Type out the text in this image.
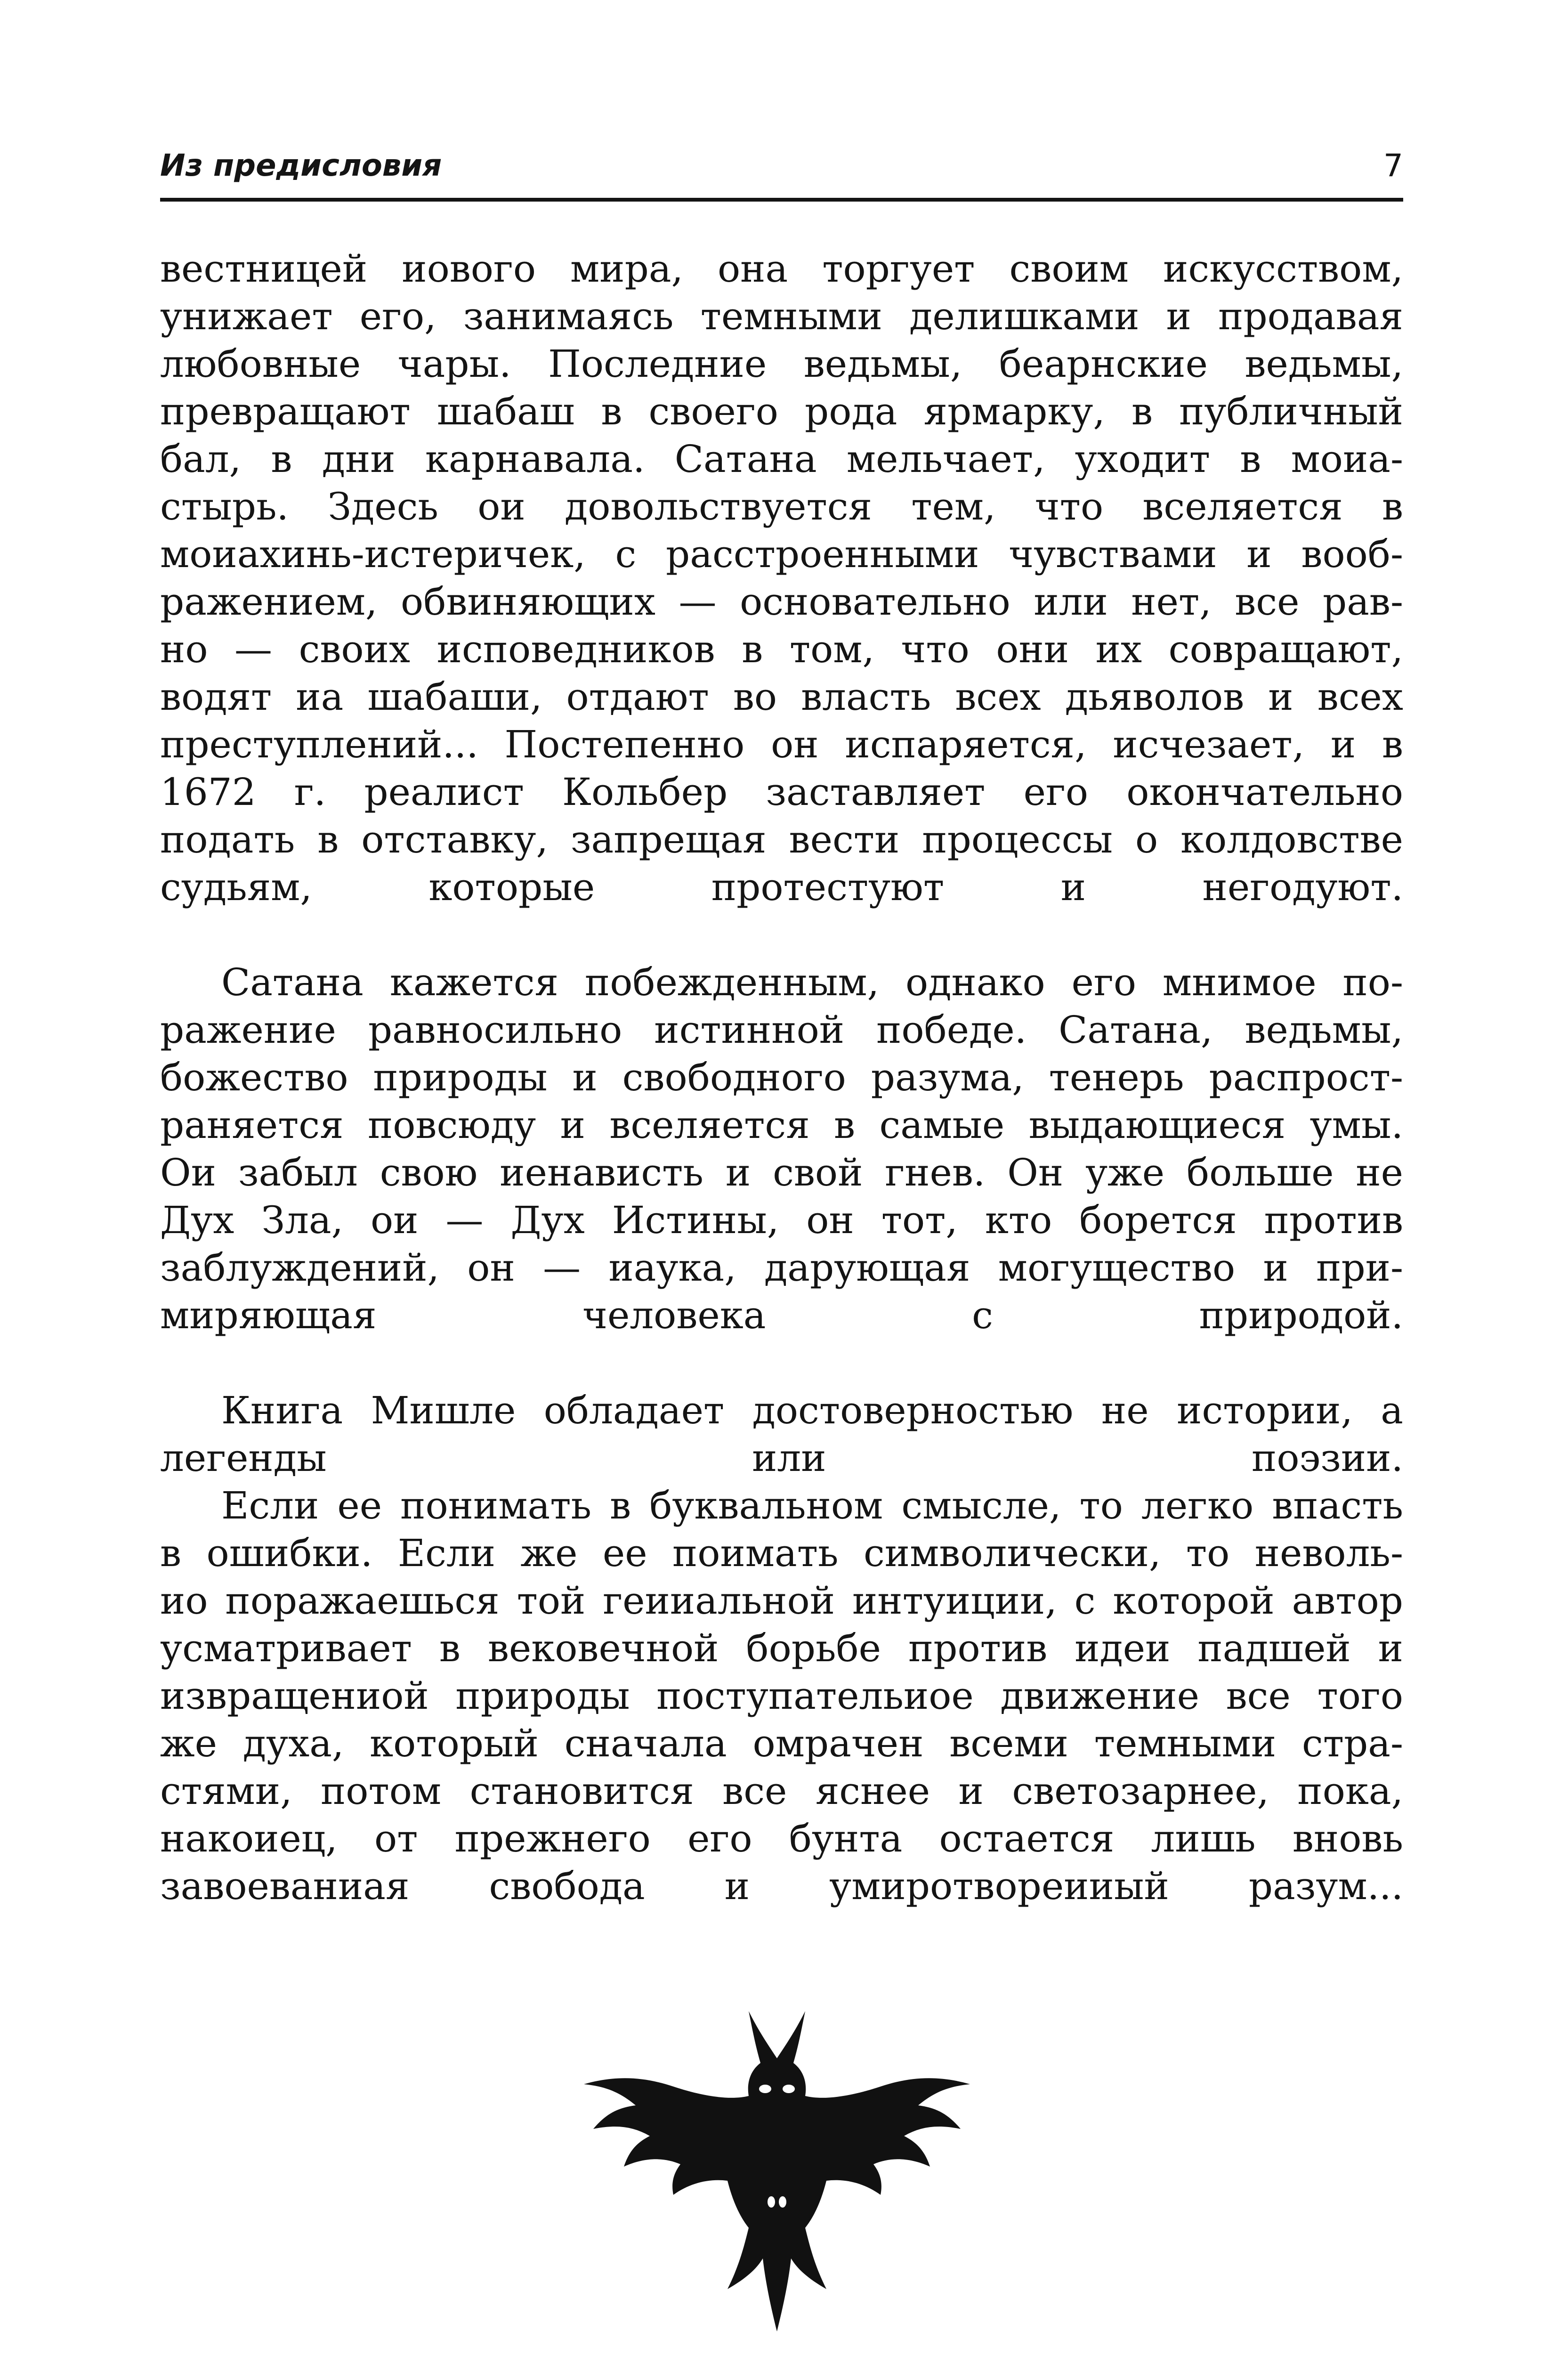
Из предисловия	7

вестницей иового мира, она торгует своим искусством,
унижает его, занимаясь темными делишками и продавая
любовные чары. Последние ведьмы, беарнские ведьмы,
превращают шабаш в своего рода ярмарку, в публичный
бал, в дни карнавала. Сатана мельчает, уходит в моиа-
стырь. Здесь ои довольствуется тем, что вселяется в
моиахинь-истеричек, с расстроенными чувствами и вооб-
ражением, обвиняющих — основательно или нет, все рав-
но — своих исповедников в том, что они их совращают,
водят иа шабаши, отдают во власть всех дьяволов и всех
преступлений... Постепенно он испаряется, исчезает, и в
1672 г. реалист Кольбер заставляет его окончательно
подать в отставку, запрещая вести процессы о колдовстве
судьям, которые протестуют и негодуют.

Сатана кажется побежденным, однако его мнимое по-
ражение равносильно истинной победе. Сатана, ведьмы,
божество природы и свободного разума, тенерь распрост-
раняется повсюду и вселяется в самые выдающиеся умы.
Ои забыл свою иенависть и свой гнев. Он уже больше не
Дух Зла, ои — Дух Истины, он тот, кто борется против
заблуждений, он — иаука, дарующая могущество и при-
миряющая человека с природой.

Книга Мишле обладает достоверностью не истории, а
легенды или поэзии.

Если ее понимать в буквальном смысле, то легко впасть
в ошибки. Если же ее поимать символически, то неволь-
ио поражаешься той геииальной интуиции, с которой автор
усматривает в вековечной борьбе против идеи падшей и
извращениой природы поступательиое движение все того
же духа, который сначала омрачен всеми темными стра-
стями, потом становится все яснее и светозарнее, пока,
накоиец, от прежнего его бунта остается лишь вновь
завоеваниая свобода и умиротвореииый разум...
